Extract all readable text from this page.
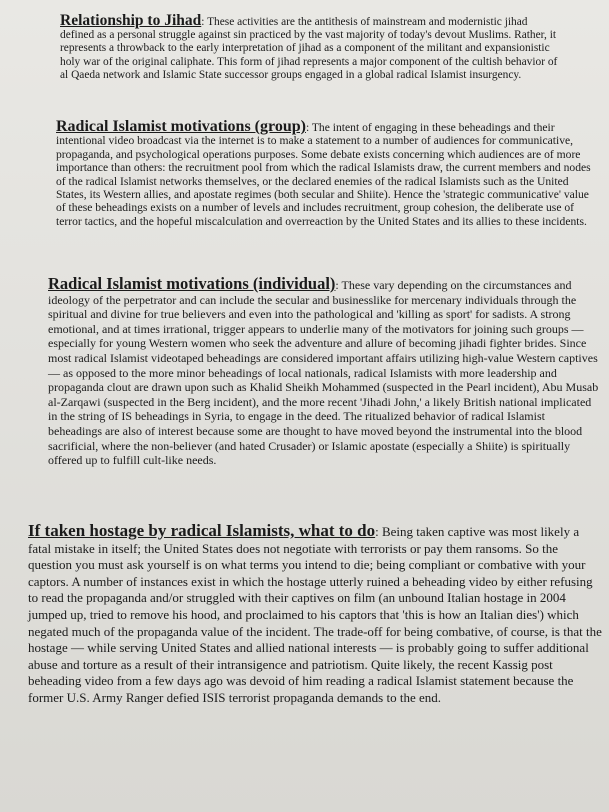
Relationship to Jihad: These activities are the antithesis of mainstream and modernistic jihad defined as a personal struggle against sin practiced by the vast majority of today's devout Muslims. Rather, it represents a throwback to the early interpretation of jihad as a component of the militant and expansionistic holy war of the original caliphate. This form of jihad represents a major component of the cultish behavior of al Qaeda network and Islamic State successor groups engaged in a global radical Islamist insurgency.

Radical Islamist motivations (group): The intent of engaging in these beheadings and their intentional video broadcast via the internet is to make a statement to a number of audiences for communicative, propaganda, and psychological operations purposes. Some debate exists concerning which audiences are of more importance than others: the recruitment pool from which the radical Islamists draw, the current members and nodes of the radical Islamist networks themselves, or the declared enemies of the radical Islamists such as the United States, its Western allies, and apostate regimes (both secular and Shiite). Hence the 'strategic communicative' value of these beheadings exists on a number of levels and includes recruitment, group cohesion, the deliberate use of terror tactics, and the hopeful miscalculation and overreaction by the United States and its allies to these incidents.

Radical Islamist motivations (individual): These vary depending on the circumstances and ideology of the perpetrator and can include the secular and businesslike for mercenary individuals through the spiritual and divine for true believers and even into the pathological and 'killing as sport' for sadists. A strong emotional, and at times irrational, trigger appears to underlie many of the motivators for joining such groups — especially for young Western women who seek the adventure and allure of becoming jihadi fighter brides. Since most radical Islamist videotaped beheadings are considered important affairs utilizing high-value Western captives — as opposed to the more minor beheadings of local nationals, radical Islamists with more leadership and propaganda clout are drawn upon such as Khalid Sheikh Mohammed (suspected in the Pearl incident), Abu Musab al-Zarqawi (suspected in the Berg incident), and the more recent 'Jihadi John,' a likely British national implicated in the string of IS beheadings in Syria, to engage in the deed. The ritualized behavior of radical Islamist beheadings are also of interest because some are thought to have moved beyond the instrumental into the blood sacrificial, where the non-believer (and hated Crusader) or Islamic apostate (especially a Shiite) is spiritually offered up to fulfill cult-like needs.

If taken hostage by radical Islamists, what to do: Being taken captive was most likely a fatal mistake in itself; the United States does not negotiate with terrorists or pay them ransoms. So the question you must ask yourself is on what terms you intend to die; being compliant or combative with your captors. A number of instances exist in which the hostage utterly ruined a beheading video by either refusing to read the propaganda and/or struggled with their captives on film (an unbound Italian hostage in 2004 jumped up, tried to remove his hood, and proclaimed to his captors that 'this is how an Italian dies') which negated much of the propaganda value of the incident. The trade-off for being combative, of course, is that the hostage — while serving United States and allied national interests — is probably going to suffer additional abuse and torture as a result of their intransigence and patriotism. Quite likely, the recent Kassig post beheading video from a few days ago was devoid of him reading a radical Islamist statement because the former U.S. Army Ranger defied ISIS terrorist propaganda demands to the end.
